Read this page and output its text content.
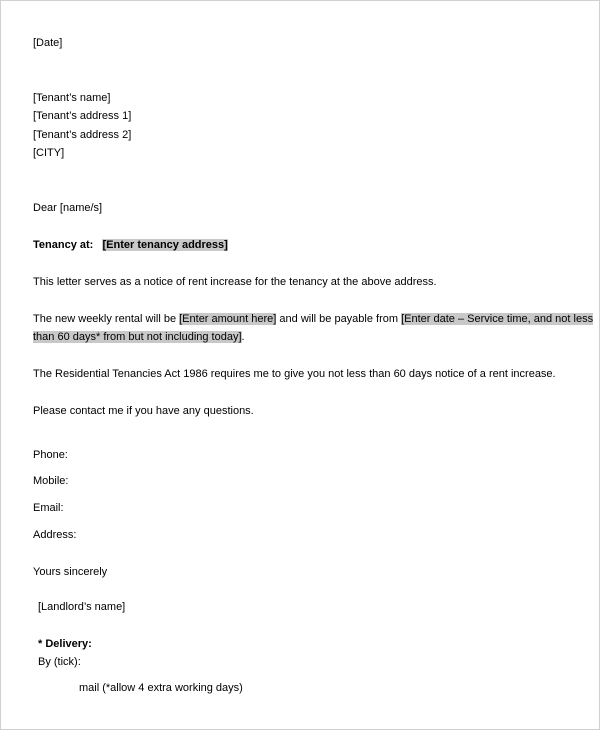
[Date]
[Tenant’s name]
[Tenant’s address 1]
[Tenant’s address 2]
[CITY]
Dear [name/s]
Tenancy at: [Enter tenancy address]
This letter serves as a notice of rent increase for the tenancy at the above address.
The new weekly rental will be [Enter amount here] and will be payable from [Enter date – Service time, and not less
than 60 days* from but not including today].
The Residential Tenancies Act 1986 requires me to give you not less than 60 days notice of a rent increase.
Please contact me if you have any questions.
Phone:
Mobile:
Email:
Address:
Yours sincerely
[Landlord’s name]
* Delivery:
By (tick):
mail (*allow 4 extra working days)
